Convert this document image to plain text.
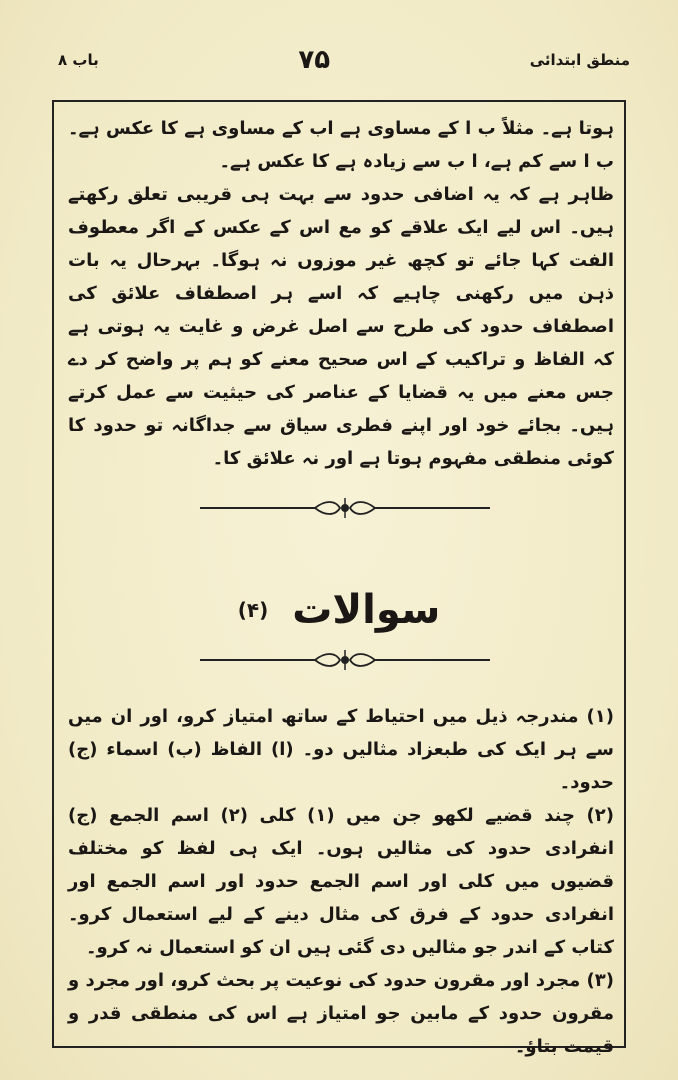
منطق ابتدائی
۷۵
باب ۸

ہوتا ہے۔ مثلاً ب ا کے مساوی ہے اب کے مساوی ہے کا عکس ہے۔ ب ا سے کم ہے، ا ب سے زیادہ ہے کا عکس ہے۔

ظاہر ہے کہ یہ اضافی حدود سے بہت ہی قریبی تعلق رکھتے ہیں۔ اس لیے ایک علاقے کو مع اس کے عکس کے اگر معطوف الفت کہا جائے تو کچھ غیر موزوں نہ ہوگا۔ بہرحال یہ بات ذہن میں رکھنی چاہیے کہ اسے ہر اصطفاف علائق کی اصطفاف حدود کی طرح سے اصل غرض و غایت یہ ہوتی ہے کہ الفاظ و تراکیب کے اس صحیح معنے کو ہم پر واضح کر دے جس معنے میں یہ قضایا کے عناصر کی حیثیت سے عمل کرتے ہیں۔ بجائے خود اور اپنے فطری سیاق سے جداگانہ تو حدود کا کوئی منطقی مفہوم ہوتا ہے اور نہ علائق کا۔

سوالات
(۴)

(۱) مندرجہ ذیل میں احتیاط کے ساتھ امتیاز کرو، اور ان میں سے ہر ایک کی طبعزاد مثالیں دو۔ (ا) الفاظ (ب) اسماء (ج) حدود۔

(۲) چند قضیے لکھو جن میں (۱) کلی (۲) اسم الجمع (ج) انفرادی حدود کی مثالیں ہوں۔ ایک ہی لفظ کو مختلف قضیوں میں کلی اور اسم الجمع حدود اور اسم الجمع اور انفرادی حدود کے فرق کی مثال دینے کے لیے استعمال کرو۔ کتاب کے اندر جو مثالیں دی گئی ہیں ان کو استعمال نہ کرو۔

(۳) مجرد اور مقرون حدود کی نوعیت پر بحث کرو، اور مجرد و مقرون حدود کے مابین جو امتیاز ہے اس کی منطقی قدر و قیمت بتاؤ۔
